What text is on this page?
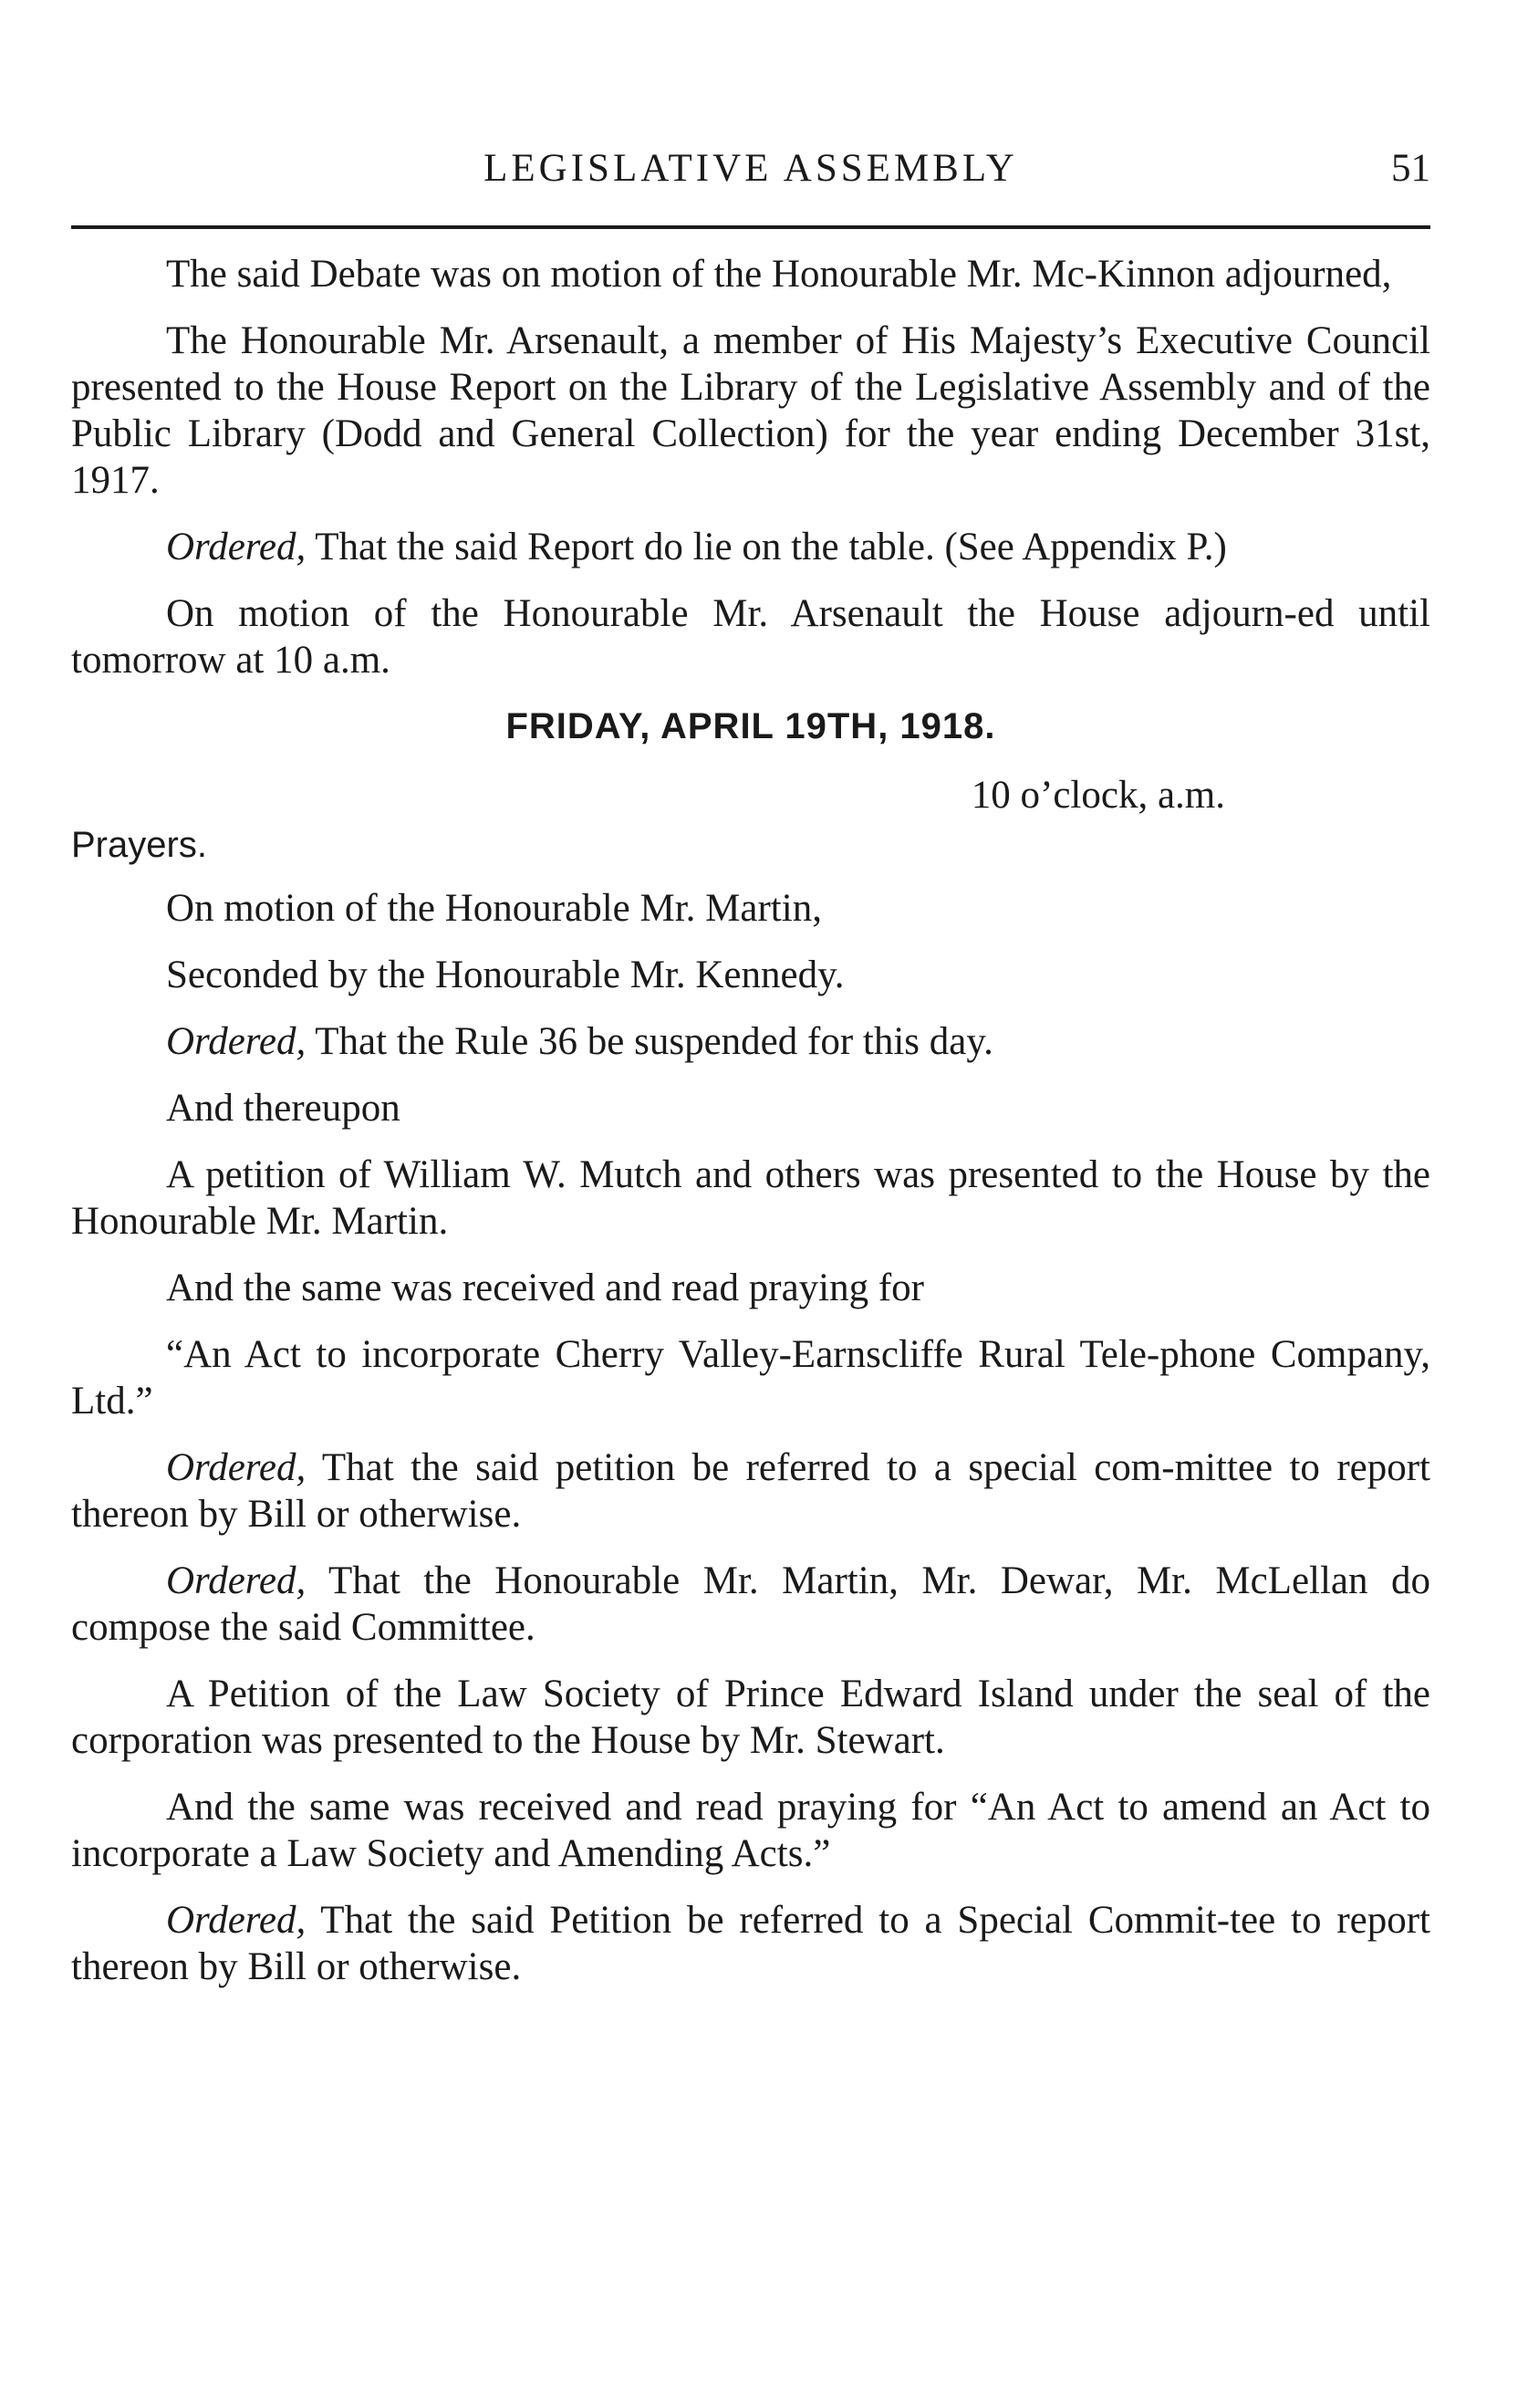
LEGISLATIVE ASSEMBLY	51

The said Debate was on motion of the Honourable Mr. Mc-Kinnon adjourned,

The Honourable Mr. Arsenault, a member of His Majesty’s Executive Council presented to the House Report on the Library of the Legislative Assembly and of the Public Library (Dodd and General Collection) for the year ending December 31st, 1917.

Ordered, That the said Report do lie on the table. (See Appendix P.)

On motion of the Honourable Mr. Arsenault the House adjourn-ed until tomorrow at 10 a.m.

FRIDAY, APRIL 19TH, 1918.
10 o’clock, a.m.
Prayers.

On motion of the Honourable Mr. Martin,

Seconded by the Honourable Mr. Kennedy.

Ordered, That the Rule 36 be suspended for this day.

And thereupon

A petition of William W. Mutch and others was presented to the House by the Honourable Mr. Martin.

And the same was received and read praying for

“An Act to incorporate Cherry Valley-Earnscliffe Rural Tele-phone Company, Ltd.”

Ordered, That the said petition be referred to a special com-mittee to report thereon by Bill or otherwise.

Ordered, That the Honourable Mr. Martin, Mr. Dewar, Mr. McLellan do compose the said Committee.

A Petition of the Law Society of Prince Edward Island under the seal of the corporation was presented to the House by Mr. Stewart.

And the same was received and read praying for “An Act to amend an Act to incorporate a Law Society and Amending Acts.”

Ordered, That the said Petition be referred to a Special Commit-tee to report thereon by Bill or otherwise.
